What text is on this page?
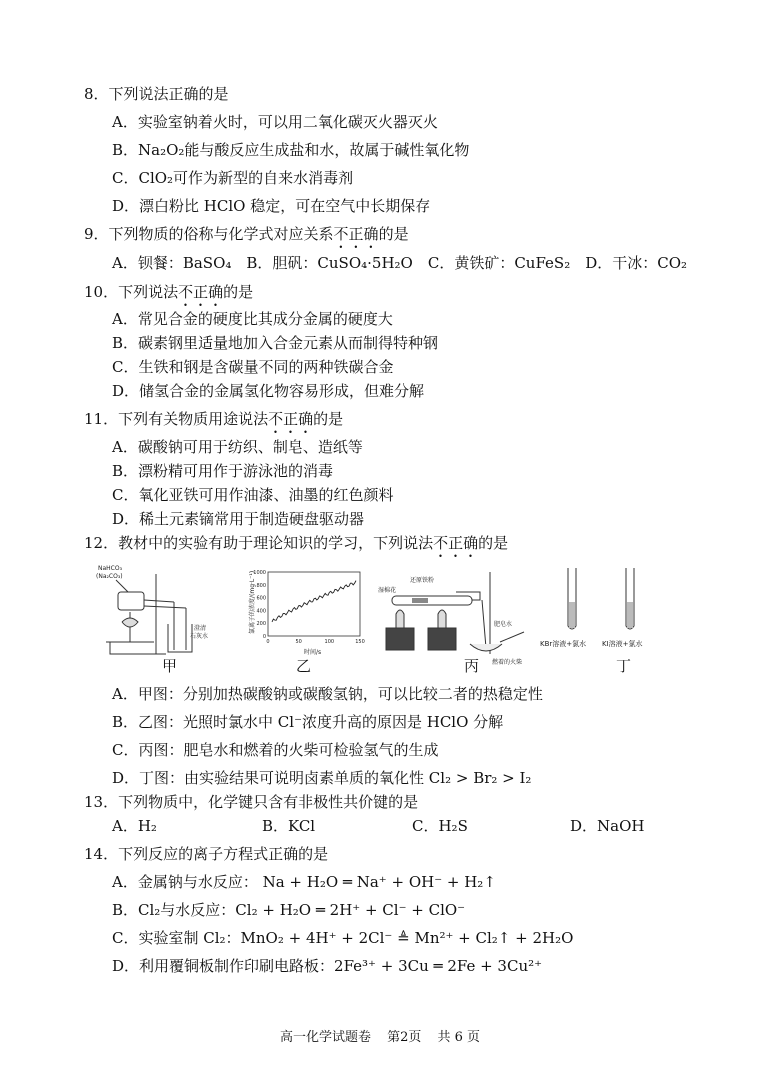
8．下列说法正确的是
A．实验室钠着火时，可以用二氧化碳灭火器灭火
B．Na₂O₂能与酸反应生成盐和水，故属于碱性氧化物
C．ClO₂可作为新型的自来水消毒剂
D．漂白粉比 HClO 稳定，可在空气中长期保存
9．下列物质的俗称与化学式对应关系不正确的是
A．钡餐：BaSO₄　B．胆矾：CuSO₄·5H₂O　C．黄铁矿：CuFeS₂　D．干冰：CO₂
10．下列说法不正确的是
A．常见合金的硬度比其成分金属的硬度大
B．碳素钢里适量地加入合金元素从而制得特种钢
C．生铁和钢是含碳量不同的两种铁碳合金
D．储氢合金的金属氢化物容易形成，但难分解
11．下列有关物质用途说法不正确的是
A．碳酸钠可用于纺织、制皂、造纸等
B．漂粉精可用作于游泳池的消毒
C．氧化亚铁可用作油漆、油墨的红色颜料
D．稀土元素镝常用于制造硬盘驱动器
12．教材中的实验有助于理论知识的学习，下列说法不正确的是
NaHCO₃
(Na₂CO₃)
澄清
石灰水
氯离子的浓度/(mg·L⁻¹)
1000
800
600
400
200
0
0	50	100	150
时间/s
还原铁粉
湿棉花
肥皂水
燃着的火柴
KBr溶液+氯水 KI溶液+氯水
甲	乙	丙	丁
A．甲图：分别加热碳酸钠或碳酸氢钠，可以比较二者的热稳定性
B．乙图：光照时氯水中 Cl⁻浓度升高的原因是 HClO 分解
C．丙图：肥皂水和燃着的火柴可检验氢气的生成
D．丁图：由实验结果可说明卤素单质的氧化性 Cl₂ > Br₂ > I₂
13．下列物质中，化学键只含有非极性共价键的是
A．H₂	B．KCl	C．H₂S	D．NaOH
14．下列反应的离子方程式正确的是
A．金属钠与水反应： Na + H₂O ═ Na⁺ + OH⁻ + H₂↑
B．Cl₂与水反应：Cl₂ + H₂O ═ 2H⁺ + Cl⁻ + ClO⁻
C．实验室制 Cl₂：MnO₂ + 4H⁺ + 2Cl⁻ ≜ Mn²⁺ + Cl₂↑ + 2H₂O
D．利用覆铜板制作印刷电路板：2Fe³⁺ + 3Cu ═ 2Fe + 3Cu²⁺
高一化学试题卷 第2页 共 6 页
